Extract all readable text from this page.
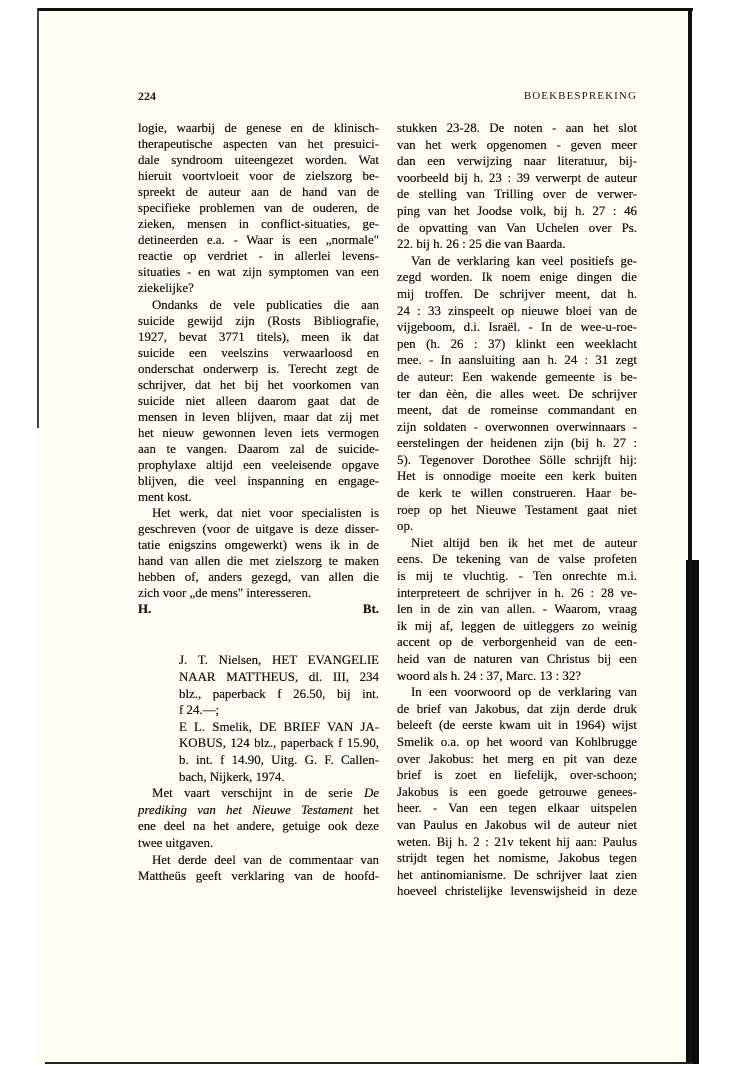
224	BOEKBESPREKING
logie, waarbij de genese en de klinisch-
therapeutische aspecten van het presuici-
dale syndroom uiteengezet worden. Wat
hieruit voortvloeit voor de zielszorg be-
spreekt de auteur aan de hand van de
specifieke problemen van de ouderen, de
zieken, mensen in conflict-situaties, ge-
detineerden e.a. - Waar is een „normale"
reactie op verdriet - in allerlei levens-
situaties - en wat zijn symptomen van een
ziekelijke?
Ondanks de vele publicaties die aan
suicide gewijd zijn (Rosts Bibliografie,
1927, bevat 3771 titels), meen ik dat
suicide een veelszins verwaarloosd en
onderschat onderwerp is. Terecht zegt de
schrijver, dat het bij het voorkomen van
suicide niet alleen daarom gaat dat de
mensen in leven blijven, maar dat zij met
het nieuw gewonnen leven iets vermogen
aan te vangen. Daarom zal de suicide-
prophylaxe altijd een veeleisende opgave
blijven, die veel inspanning en engage-
ment kost.
Het werk, dat niet voor specialisten is
geschreven (voor de uitgave is deze disser-
tatie enigszins omgewerkt) wens ik in de
hand van allen die met zielszorg te maken
hebben of, anders gezegd, van allen die
zich voor „de mens" interesseren.
H.	Bt.
J. T. Nielsen, HET EVANGELIE
NAAR MATTHEUS, dl. III, 234
blz., paperback f 26.50, bij int.
f 24.—;
E L. Smelik, DE BRIEF VAN JA-
KOBUS, 124 blz., paperback f 15.90,
b. int. f 14.90, Uitg. G. F. Callen-
bach, Nijkerk, 1974.
Met vaart verschijnt in de serie De
prediking van het Nieuwe Testament het
ene deel na het andere, getuige ook deze
twee uitgaven.
Het derde deel van de commentaar van
Mattheüs geeft verklaring van de hoofd-
stukken 23-28. De noten - aan het slot
van het werk opgenomen - geven meer
dan een verwijzing naar literatuur, bij-
voorbeeld bij h. 23 : 39 verwerpt de auteur
de stelling van Trilling over de verwer-
ping van het Joodse volk, bij h. 27 : 46
de opvatting van Van Uchelen over Ps.
22. bij h. 26 : 25 die van Baarda.
Van de verklaring kan veel positiefs ge-
zegd worden. Ik noem enige dingen die
mij troffen. De schrijver meent, dat h.
24 : 33 zinspeelt op nieuwe bloei van de
vijgeboom, d.i. Israël. - In de wee-u-roe-
pen (h. 26 : 37) klinkt een weeklacht
mee. - In aansluiting aan h. 24 : 31 zegt
de auteur: Een wakende gemeente is be-
ter dan èèn, die alles weet. De schrijver
meent, dat de romeinse commandant en
zijn soldaten - overwonnen overwinnaars -
eerstelingen der heidenen zijn (bij h. 27 :
5). Tegenover Dorothee Sölle schrijft hij:
Het is onnodige moeite een kerk buiten
de kerk te willen construeren. Haar be-
roep op het Nieuwe Testament gaat niet
op.
Niet altijd ben ik het met de auteur
eens. De tekening van de valse profeten
is mij te vluchtig. - Ten onrechte m.i.
interpreteert de schrijver in h. 26 : 28 ve-
len in de zin van allen. - Waarom, vraag
ik mij af, leggen de uitleggers zo weinig
accent op de verborgenheid van de een-
heid van de naturen van Christus bij een
woord als h. 24 : 37, Marc. 13 : 32?
In een voorwoord op de verklaring van
de brief van Jakobus, dat zijn derde druk
beleeft (de eerste kwam uit in 1964) wijst
Smelik o.a. op het woord van Kohlbrugge
over Jakobus: het merg en pit van deze
brief is zoet en liefelijk, over-schoon;
Jakobus is een goede getrouwe genees-
heer. - Van een tegen elkaar uitspelen
van Paulus en Jakobus wil de auteur niet
weten. Bij h. 2 : 21v tekent hij aan: Paulus
strijdt tegen het nomisme, Jakobus tegen
het antinomianisme. De schrijver laat zien
hoeveel christelijke levenswijsheid in deze
